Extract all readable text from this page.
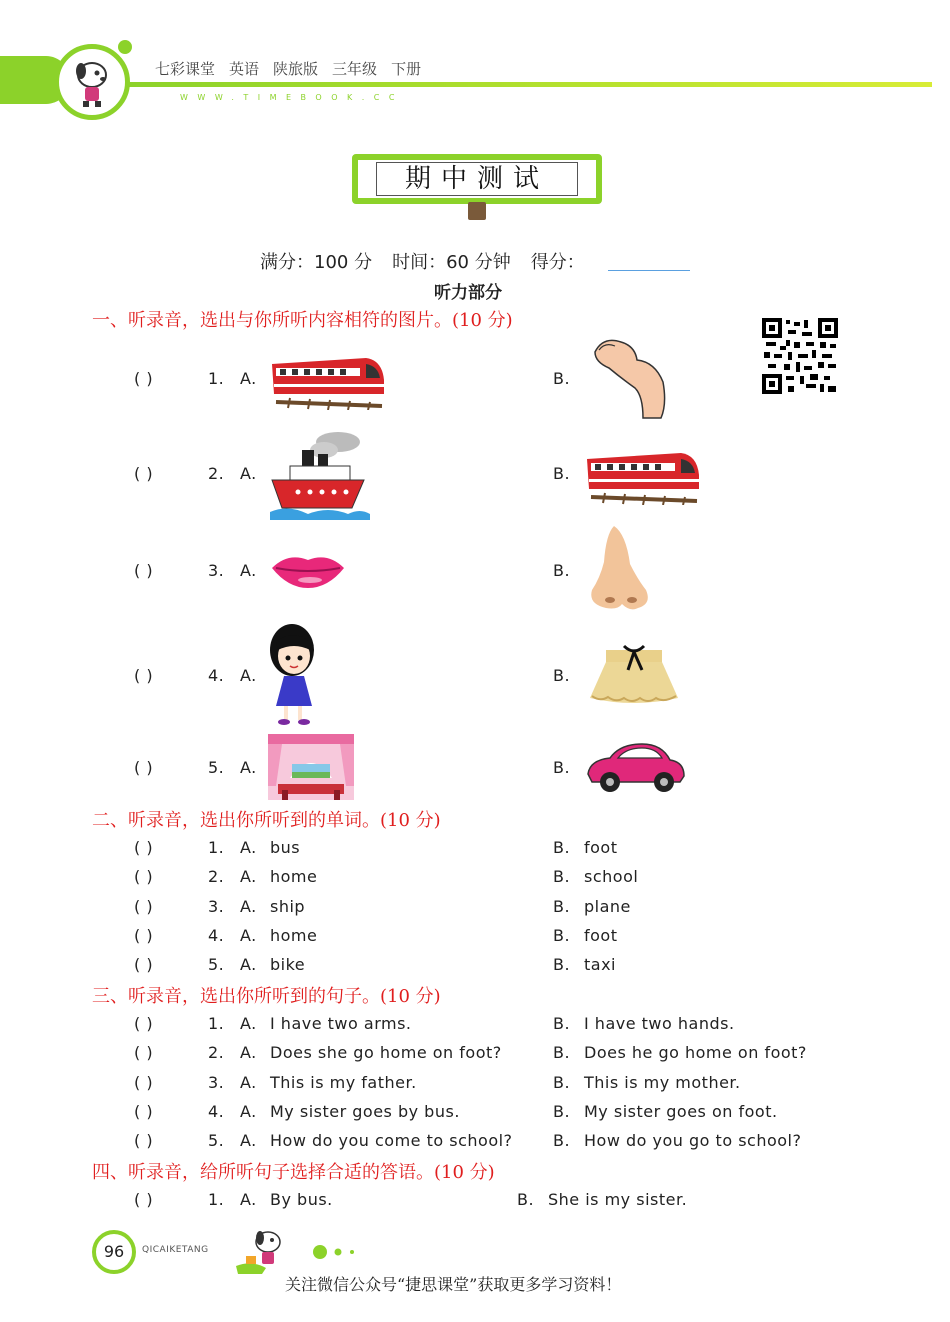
七彩课堂 英语 陕旅版 三年级 下册
WWW.TIMEBOOK.CC
期中测试
满分：100 分 时间：60 分钟 得分：
听力部分
一、听录音，选出与你所听内容相符的图片。(10 分)
( )	1. A.	B.
( )	2. A.	B.
( )	3. A.	B.
( )	4. A.	B.
( )	5. A.	B.
二、听录音，选出你所听到的单词。(10 分)
( )	1. A. bus	B. foot
( )	2. A. home	B. school
( )	3. A. ship	B. plane
( )	4. A. home	B. foot
( )	5. A. bike	B. taxi
三、听录音，选出你所听到的句子。(10 分)
( )	1. A. I have two arms.	B. I have two hands.
( )	2. A. Does she go home on foot?	B. Does he go home on foot?
( )	3. A. This is my father.	B. This is my mother.
( )	4. A. My sister goes by bus.	B. My sister goes on foot.
( )	5. A. How do you come to school?	B. How do you go to school?
四、听录音，给所听句子选择合适的答语。(10 分)
( )	1. A. By bus.	B. She is my sister.
96	QICAIKETANG
关注微信公众号“捷思课堂”获取更多学习资料！
